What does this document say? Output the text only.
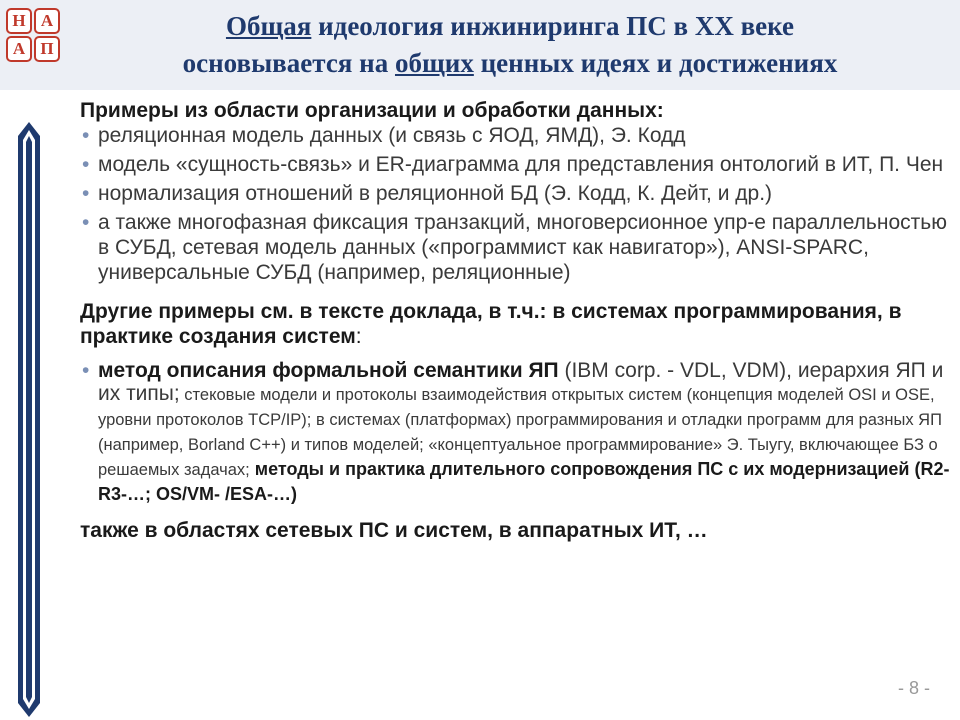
Н А
А П
Общая идеология инжиниринга ПС в XX веке
основывается на общих ценных идеях и достижениях
Примеры из области организации и обработки данных:
• реляционная модель данных (и связь с ЯОД, ЯМД), Э. Кодд
• модель «сущность-связь» и ER-диаграмма для представления онтологий в ИТ, П. Чен
• нормализация отношений в реляционной БД (Э. Кодд, К. Дейт, и др.)
• а также многофазная фиксация транзакций, многоверсионное упр-е параллельностью в СУБД, сетевая модель данных («программист как навигатор»), ANSI-SPARC, универсальные СУБД (например, реляционные)
Другие примеры см. в тексте доклада, в т.ч.: в системах программирования, в практике создания систем:
• метод описания формальной семантики ЯП (IBM corp. - VDL, VDM), иерархия ЯП и их типы; стековые модели и протоколы взаимодействия открытых систем (концепция моделей OSI и OSE, уровни протоколов TCP/IP); в системах (платформах) программирования и отладки программ для разных ЯП (например, Borland C++) и типов моделей; «концептуальное программирование» Э. Тыугу, включающее БЗ о решаемых задачах; методы и практика длительного сопровождения ПС с их модернизацией (R2-R3-…; OS/VM- /ESA-…)
также в областях сетевых ПС и систем, в аппаратных ИТ, …
- 8 -
